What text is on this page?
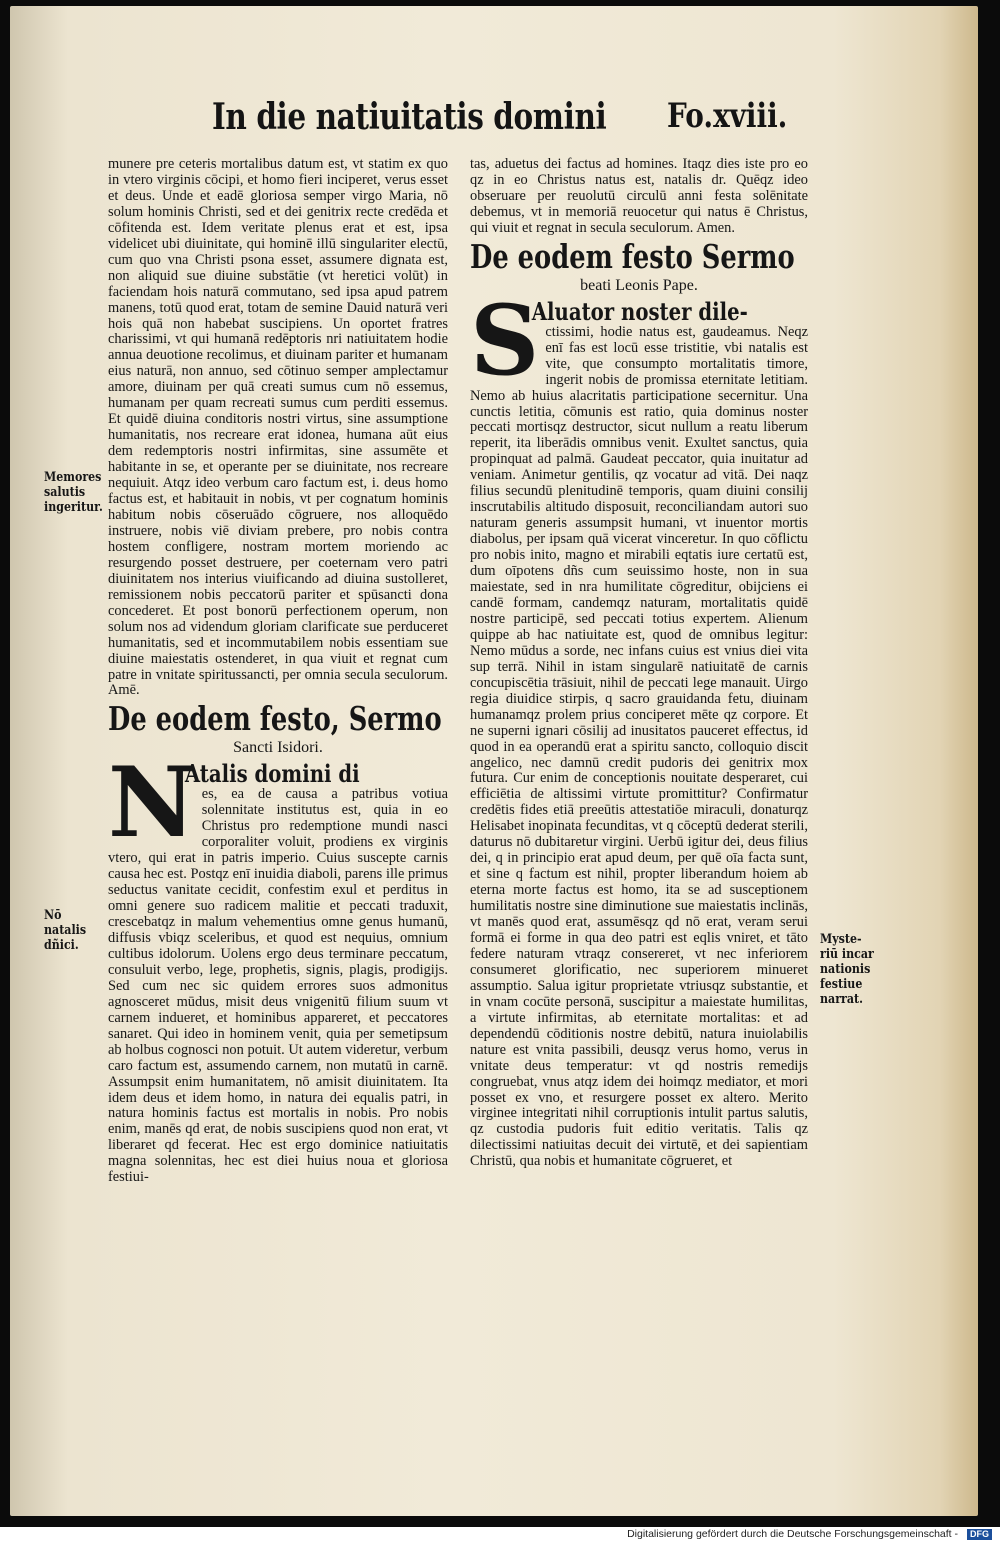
In die natiuitatis domini Fo.xviii.

munere pre ceteris mortalibus datum est, vt statim ex quo in vtero virginis cōcipi, et homo fieri inciperet, verus esset et deus. Unde et eadē gloriosa semper virgo Maria, nō solum hominis Christi, sed et dei genitrix recte credēda et cōfitenda est. Idem veritate plenus erat et est, ipsa videlicet ubi diuinitate, qui hominē illū singulariter electū, cum quo vna Christi psona esset, assumere dignata est, non aliquid sue diuine substātie (vt heretici volūt) in faciendam hois naturā commutano, sed ipsa apud patrem manens, totū quod erat, totam de semine Dauid naturā veri hois quā non habebat suscipiens. Un oportet fratres charissimi, vt qui humanā redēptoris nri natiuitatem hodie annua deuotione recolimus, et diuinam pariter et humanam eius naturā, non annuo, sed cōtinuo semper amplectamur amore, diuinam per quā creati sumus cum nō essemus, humanam per quam recreati sumus cum perditi essemus. Et quidē diuina conditoris nostri virtus, sine assumptione humanitatis, nos recreare erat idonea, humana aūt eius dem redemptoris nostri infirmitas, sine assumēte et habitante in se, et operante per se diuinitate, nos recreare nequiuit. Atqz ideo verbum caro factum est, i. deus homo factus est, et habitauit in nobis, vt per cognatum hominis habitum nobis cōseruādo cōgruere, nos alloquēdo instruere, nobis viē diviam prebere, pro nobis contra hostem confligere, nostram mortem moriendo ac resurgendo posset destruere, per coeternam vero patri diuinitatem nos interius viuificando ad diuina sustolleret, remissionem nobis peccatorū pariter et spūsancti dona concederet. Et post bonorū perfectionem operum, non solum nos ad videndum gloriam clarificate sue perduceret humanitatis, sed et incommutabilem nobis essentiam sue diuine maiestatis ostenderet, in qua viuit et regnat cum patre in vnitate spiritussancti, per omnia secula seculorum. Amē.

De eodem festo, Sermo
Sancti Isidori.
N
Atalis domini di
es, ea de causa a patribus votiua solennitate institutus est, quia in eo Christus pro redemptione mundi nasci corporaliter voluit, prodiens ex virginis vtero, qui erat in patris imperio. Cuius suscepte carnis causa hec est. Postqz enī inuidia diaboli, parens ille primus seductus vanitate cecidit, confestim exul et perditus in omni genere suo radicem malitie et peccati traduxit, crescebatqz in malum vehementius omne genus humanū, diffusis vbiqz sceleribus, et quod est nequius, omnium cultibus idolorum. Uolens ergo deus terminare peccatum, consuluit verbo, lege, prophetis, signis, plagis, prodigijs. Sed cum nec sic quidem errores suos admonitus agnosceret mūdus, misit deus vnigenitū filium suum vt carnem indueret, et hominibus appareret, et peccatores sanaret. Qui ideo in hominem venit, quia per semetipsum ab holbus cognosci non potuit. Ut autem videretur, verbum caro factum est, assumendo carnem, non mutatū in carnē. Assumpsit enim humanitatem, nō amisit diuinitatem. Ita idem deus et idem homo, in natura dei equalis patri, in natura hominis factus est mortalis in nobis. Pro nobis enim, manēs qd erat, de nobis suscipiens quod non erat, vt liberaret qd fecerat. Hec est ergo dominice natiuitatis magna solennitas, hec est diei huius noua et gloriosa festiui-

tas, aduetus dei factus ad homines. Itaqz dies iste pro eo qz in eo Christus natus est, natalis dr. Quēqz ideo obseruare per reuolutū circulū anni festa solēnitate debemus, vt in memoriā reuocetur qui natus ē Christus, qui viuit et regnat in secula seculorum. Amen.

De eodem festo Sermo
beati Leonis Pape.
S
Aluator noster dile-
ctissimi, hodie natus est, gaudeamus. Neqz enī fas est locū esse tristitie, vbi natalis est vite, que consumpto mortalitatis timore, ingerit nobis de promissa eternitate letitiam. Nemo ab huius alacritatis participatione secernitur. Una cunctis letitia, cōmunis est ratio, quia dominus noster peccati mortisqz destructor, sicut nullum a reatu liberum reperit, ita liberādis omnibus venit. Exultet sanctus, quia propinquat ad palmā. Gaudeat peccator, quia inuitatur ad veniam. Animetur gentilis, qz vocatur ad vitā. Dei naqz filius secundū plenitudinē temporis, quam diuini consilij inscrutabilis altitudo disposuit, reconciliandam autori suo naturam generis assumpsit humani, vt inuentor mortis diabolus, per ipsam quā vicerat vinceretur. In quo cōflictu pro nobis inito, magno et mirabili eqtatis iure certatū est, dum oīpotens dñs cum seuissimo hoste, non in sua maiestate, sed in nra humilitate cōgreditur, obijciens ei candē formam, candemqz naturam, mortalitatis quidē nostre participē, sed peccati totius expertem. Alienum quippe ab hac natiuitate est, quod de omnibus legitur: Nemo mūdus a sorde, nec infans cuius est vnius diei vita sup terrā. Nihil in istam singularē natiuitatē de carnis concupiscētia trāsiuit, nihil de peccati lege manauit. Uirgo regia diuidice stirpis, q sacro grauidanda fetu, diuinam humanamqz prolem prius conciperet mēte qz corpore. Et ne superni ignari cōsilij ad inusitatos pauceret effectus, id quod in ea operandū erat a spiritu sancto, colloquio discit angelico, nec damnū credit pudoris dei genitrix mox futura. Cur enim de conceptionis nouitate desperaret, cui efficiētia de altissimi virtute promittitur? Confirmatur credētis fides etiā preeūtis attestatiōe miraculi, donaturqz Helisabet inopinata fecunditas, vt q cōceptū dederat sterili, daturus nō dubitaretur virgini. Uerbū igitur dei, deus filius dei, q in principio erat apud deum, per quē oīa facta sunt, et sine q factum est nihil, propter liberandum hoiem ab eterna morte factus est homo, ita se ad susceptionem humilitatis nostre sine diminutione sue maiestatis inclinās, vt manēs quod erat, assumēsqz qd nō erat, veram serui formā ei forme in qua deo patri est eqlis vniret, et tāto federe naturam vtraqz consereret, vt nec inferiorem consumeret glorificatio, nec superiorem minueret assumptio. Salua igitur proprietate vtriusqz substantie, et in vnam cocūte personā, suscipitur a maiestate humilitas, a virtute infirmitas, ab eternitate mortalitas: et ad dependendū cōditionis nostre debitū, natura inuiolabilis nature est vnita passibili, deusqz verus homo, verus in vnitate deus temperatur: vt qd nostris remedijs congruebat, vnus atqz idem dei hoimqz mediator, et mori posset ex vno, et resurgere posset ex altero. Merito virginee integritati nihil corruptionis intulit partus salutis, qz custodia pudoris fuit editio veritatis. Talis qz dilectissimi natiuitas decuit dei virtutē, et dei sapientiam Christū, qua nobis et humanitate cōgrueret, et
Memores salutis ingeritur.
Nō natalis dñici.	Myste- riū incar nationis festiue narrat.
Digitalisierung gefördert durch die Deutsche Forschungsgemeinschaft -	DFG
